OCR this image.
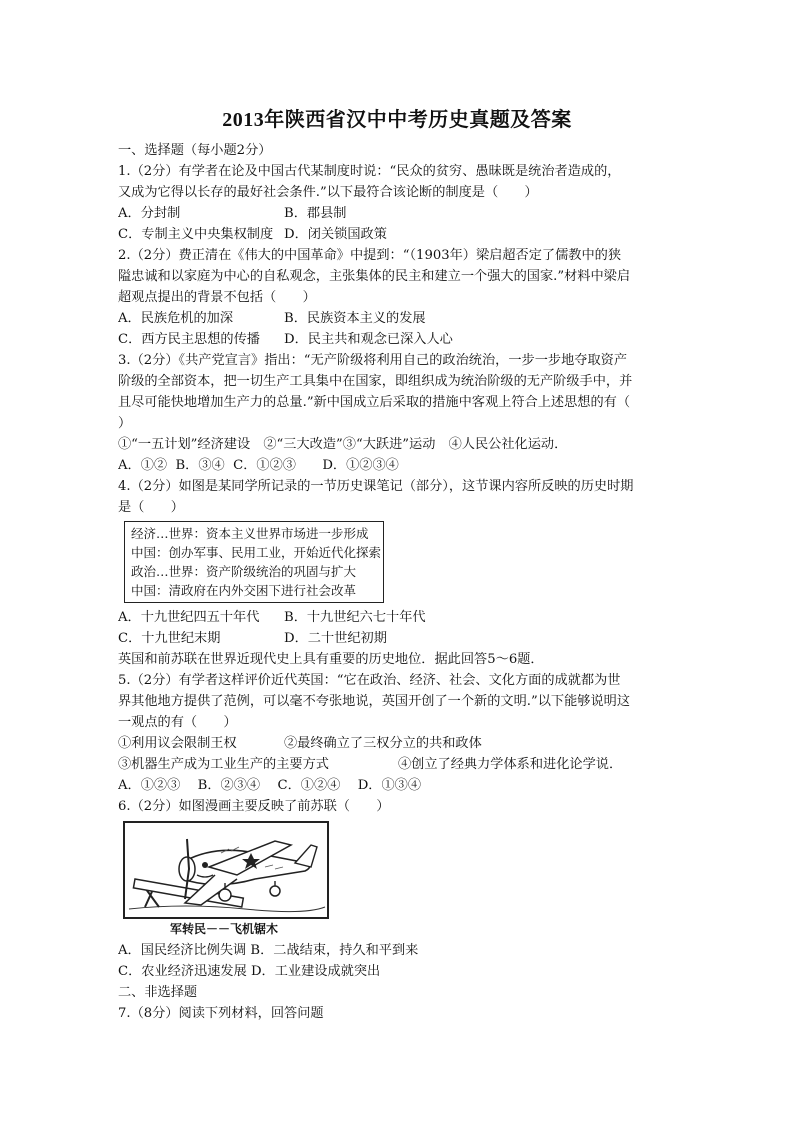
2013年陕西省汉中中考历史真题及答案
一、选择题（每小题2分）
1.（2分）有学者在论及中国古代某制度时说：“民众的贫穷、愚昧既是统治者造成的，
又成为它得以长存的最好社会条件.”以下最符合该论断的制度是（　　）
A．分封制	B．郡县制
C．专制主义中央集权制度 D．闭关锁国政策
2.（2分）费正清在《伟大的中国革命》中提到：“（1903年）梁启超否定了儒教中的狭
隘忠诚和以家庭为中心的自私观念，主张集体的民主和建立一个强大的国家.”材料中梁启
超观点提出的背景不包括（　　）
A．民族危机的加深	B．民族资本主义的发展
C．西方民主思想的传播 D．民主共和观念已深入人心
3.（2分）《共产党宣言》指出：“无产阶级将利用自己的政治统治，一步一步地夺取资产
阶级的全部资本，把一切生产工具集中在国家，即组织成为统治阶级的无产阶级手中，并
且尽可能快地增加生产力的总量.”新中国成立后采取的措施中客观上符合上述思想的有（
）
①“一五计划”经济建设　②“三大改造”③“大跃进”运动　④人民公社化运动．
A．①②  B．③④  C．①②③　　D．①②③④
4.（2分）如图是某同学所记录的一节历史课笔记（部分），这节课内容所反映的历史时期
是（　　）
经济…世界：资本主义世界市场进一步形成
中国：创办军事、民用工业，开始近代化探索
政治…世界：资产阶级统治的巩固与扩大
中国：清政府在内外交困下进行社会改革
A．十九世纪四五十年代 B．十九世纪六七十年代
C．十九世纪末期	D．二十世纪初期
英国和前苏联在世界近现代史上具有重要的历史地位．据此回答5～6题．
5.（2分）有学者这样评价近代英国：“它在政治、经济、社会、文化方面的成就都为世
界其他地方提供了范例，可以毫不夸张地说，英国开创了一个新的文明.”以下能够说明这
一观点的有（　　）
①利用议会限制王权	②最终确立了三权分立的共和政体
③机器生产成为工业生产的主要方式	④创立了经典力学体系和进化论学说．
A．①②③　 B．②③④　 C．①②④　 D．①③④
6.（2分）如图漫画主要反映了前苏联（　　）
军转民－－飞机锯木
A．国民经济比例失调 B．二战结束，持久和平到来
C．农业经济迅速发展 D．工业建设成就突出
二、非选择题
7.（8分）阅读下列材料，回答问题
